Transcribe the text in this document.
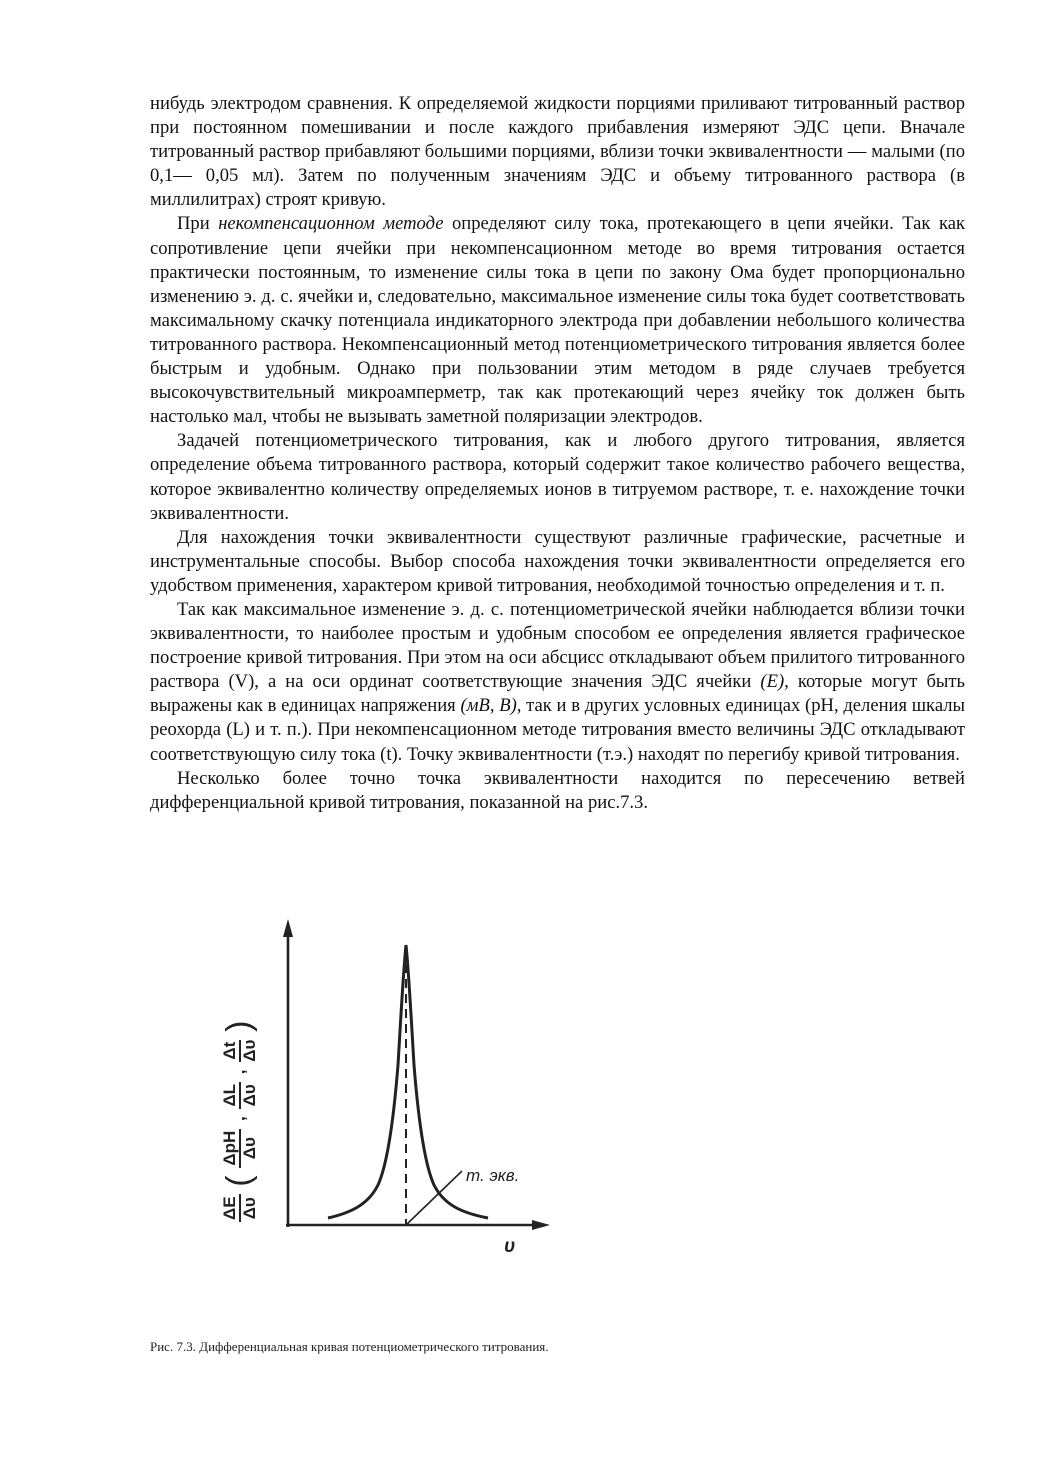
нибудь электродом сравнения. К определяемой жидкости порциями приливают титрованный раствор при постоянном помешивании и после каждого прибавления измеряют ЭДС цепи. Вначале титрованный раствор прибавляют большими порциями, вблизи точки эквивалентности — малыми (по 0,1— 0,05 мл). Затем по полученным значениям ЭДС и объему титрованного раствора (в миллилитрах) строят кривую.

При некомпенсационном методе определяют силу тока, протекающего в цепи ячейки. Так как сопротивление цепи ячейки при некомпенсационном методе во время титрования остается практически постоянным, то изменение силы тока в цепи по закону Ома будет пропорционально изменению э. д. с. ячейки и, следовательно, максимальное изменение силы тока будет соответствовать максимальному скачку потенциала индикаторного электрода при добавлении небольшого количества титрованного раствора. Некомпенсационный метод потенциометрического титрования является более быстрым и удобным. Однако при пользовании этим методом в ряде случаев требуется высокочувствительный микроамперметр, так как протекающий через ячейку ток должен быть настолько мал, чтобы не вызывать заметной поляризации электродов.

Задачей потенциометрического титрования, как и любого другого титрования, является определение объема титрованного раствора, который содержит такое количество рабочего вещества, которое эквивалентно количеству определяемых ионов в титруемом растворе, т. е. нахождение точки эквивалентности.

Для нахождения точки эквивалентности существуют различные графические, расчетные и инструментальные способы. Выбор способа нахождения точки эквивалентности определяется его удобством применения, характером кривой титрования, необходимой точностью определения и т. п.

Так как максимальное изменение э. д. с. потенциометрической ячейки наблюдается вблизи точки эквивалентности, то наиболее простым и удобным способом ее определения является графическое построение кривой титрования. При этом на оси абсцисс откладывают объем прилитого титрованного раствора (V), а на оси ординат соответствующие значения ЭДС ячейки (E), которые могут быть выражены как в единицах напряжения (мВ, В), так и в других условных единицах (рН, деления шкалы реохорда (L) и т. п.). При некомпенсационном методе титрования вместо величины ЭДС откладывают соответствующую силу тока (t). Точку эквивалентности (т.э.) находят по перегибу кривой титрования.

Несколько более точно точка эквивалентности находится по пересечению ветвей дифференциальной кривой титрования, показанной на рис.7.3.

ΔE Δυ
(
ΔpH Δυ
,
ΔL Δυ
,
Δt Δυ
)
υ
т. экв.
Рис. 7.3. Дифференциальная кривая потенциометрического титрования.
